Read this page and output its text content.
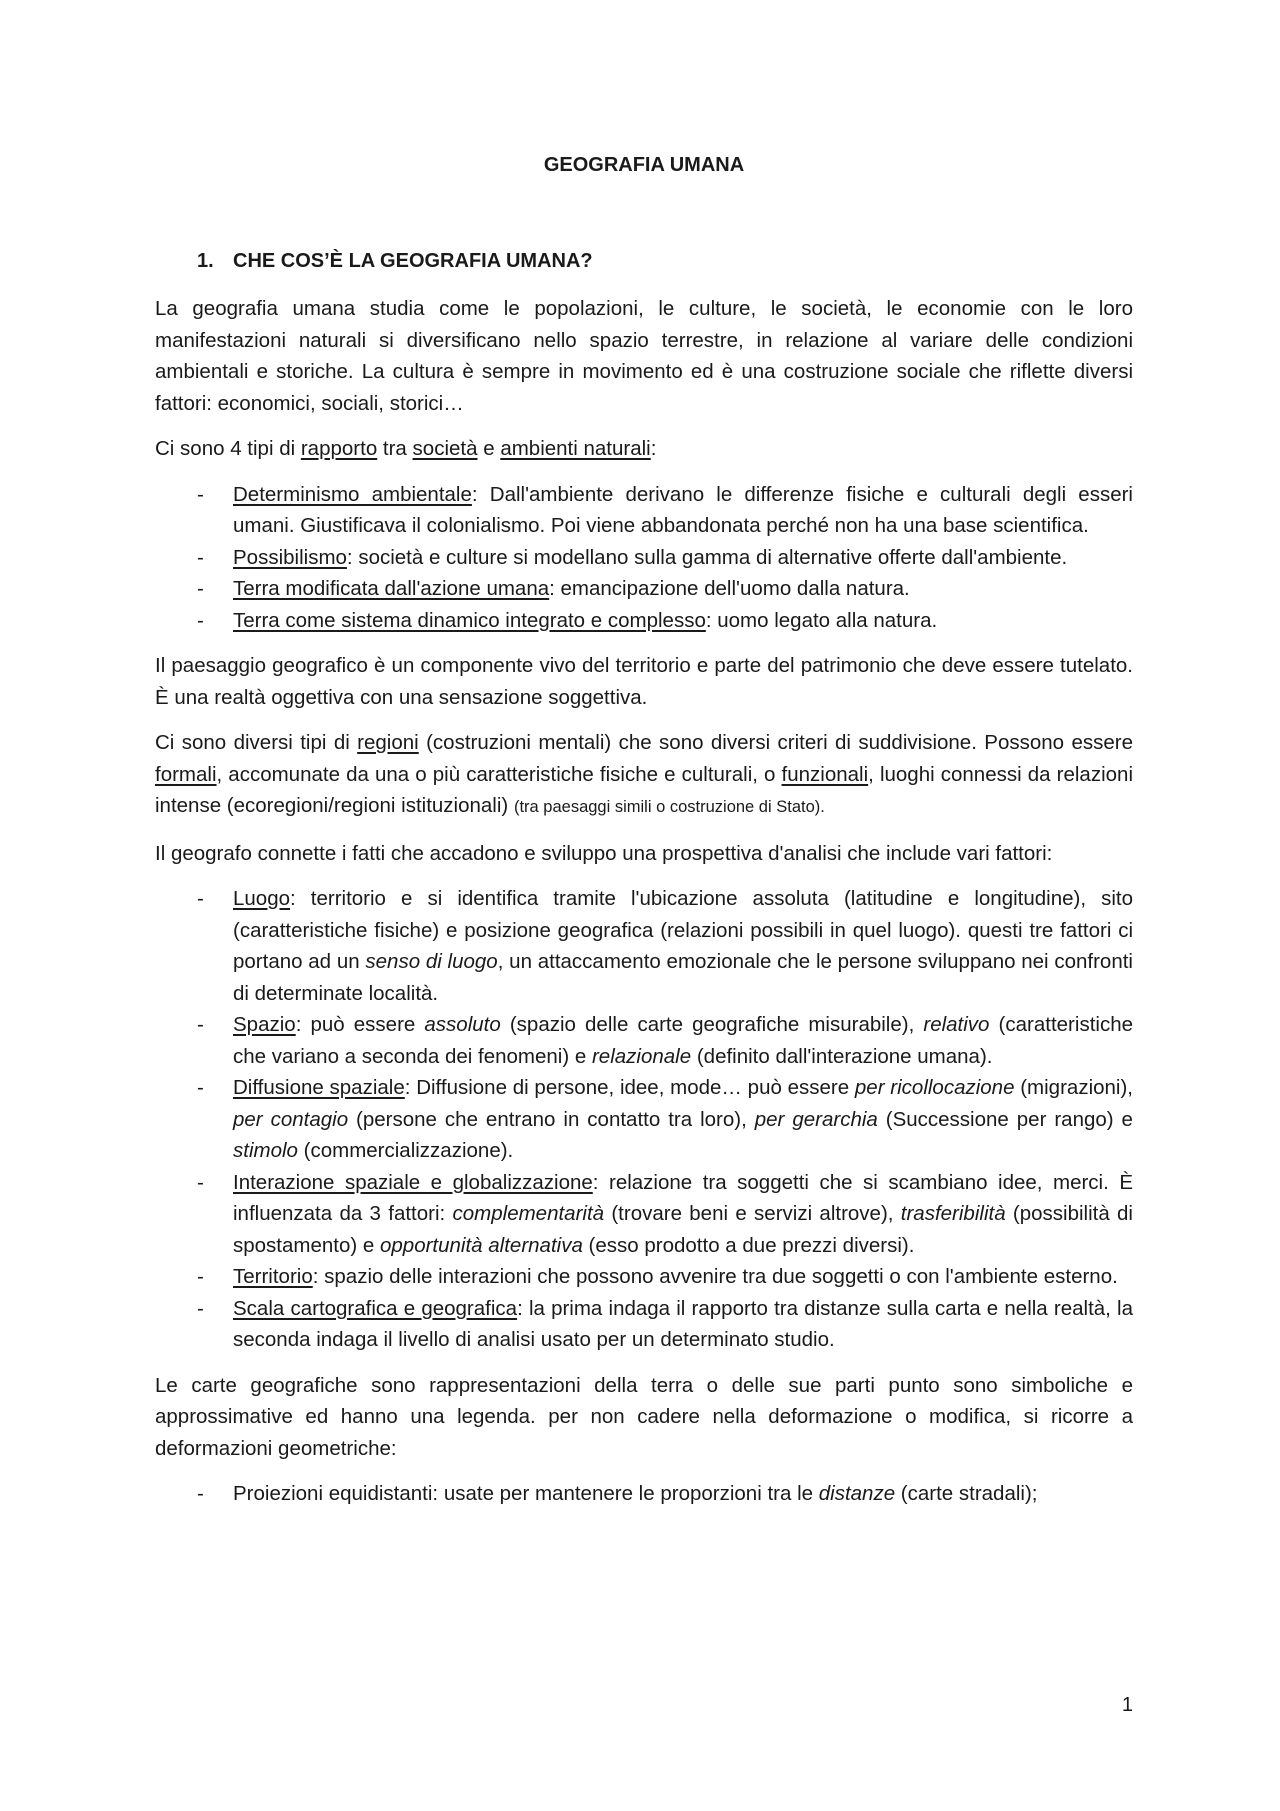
GEOGRAFIA UMANA
1. CHE COS’È LA GEOGRAFIA UMANA?

La geografia umana studia come le popolazioni, le culture, le società, le economie con le loro manifestazioni naturali si diversificano nello spazio terrestre, in relazione al variare delle condizioni ambientali e storiche. La cultura è sempre in movimento ed è una costruzione sociale che riflette diversi fattori: economici, sociali, storici…

Ci sono 4 tipi di rapporto tra società e ambienti naturali:

- Determinismo ambientale: Dall'ambiente derivano le differenze fisiche e culturali degli esseri umani. Giustificava il colonialismo. Poi viene abbandonata perché non ha una base scientifica.
- Possibilismo: società e culture si modellano sulla gamma di alternative offerte dall'ambiente.
- Terra modificata dall'azione umana: emancipazione dell'uomo dalla natura.
- Terra come sistema dinamico integrato e complesso: uomo legato alla natura.

Il paesaggio geografico è un componente vivo del territorio e parte del patrimonio che deve essere tutelato. È una realtà oggettiva con una sensazione soggettiva.

Ci sono diversi tipi di regioni (costruzioni mentali) che sono diversi criteri di suddivisione. Possono essere formali, accomunate da una o più caratteristiche fisiche e culturali, o funzionali, luoghi connessi da relazioni intense (ecoregioni/regioni istituzionali) (tra paesaggi simili o costruzione di Stato).

Il geografo connette i fatti che accadono e sviluppo una prospettiva d'analisi che include vari fattori:

- Luogo: territorio e si identifica tramite l'ubicazione assoluta (latitudine e longitudine), sito (caratteristiche fisiche) e posizione geografica (relazioni possibili in quel luogo). questi tre fattori ci portano ad un senso di luogo, un attaccamento emozionale che le persone sviluppano nei confronti di determinate località.
- Spazio: può essere assoluto (spazio delle carte geografiche misurabile), relativo (caratteristiche che variano a seconda dei fenomeni) e relazionale (definito dall'interazione umana).
- Diffusione spaziale: Diffusione di persone, idee, mode… può essere per ricollocazione (migrazioni), per contagio (persone che entrano in contatto tra loro), per gerarchia (Successione per rango) e stimolo (commercializzazione).
- Interazione spaziale e globalizzazione: relazione tra soggetti che si scambiano idee, merci. È influenzata da 3 fattori: complementarità (trovare beni e servizi altrove), trasferibilità (possibilità di spostamento) e opportunità alternativa (esso prodotto a due prezzi diversi).
- Territorio: spazio delle interazioni che possono avvenire tra due soggetti o con l'ambiente esterno.
- Scala cartografica e geografica: la prima indaga il rapporto tra distanze sulla carta e nella realtà, la seconda indaga il livello di analisi usato per un determinato studio.

Le carte geografiche sono rappresentazioni della terra o delle sue parti punto sono simboliche e approssimative ed hanno una legenda. per non cadere nella deformazione o modifica, si ricorre a deformazioni geometriche:

- Proiezioni equidistanti: usate per mantenere le proporzioni tra le distanze (carte stradali);
1
